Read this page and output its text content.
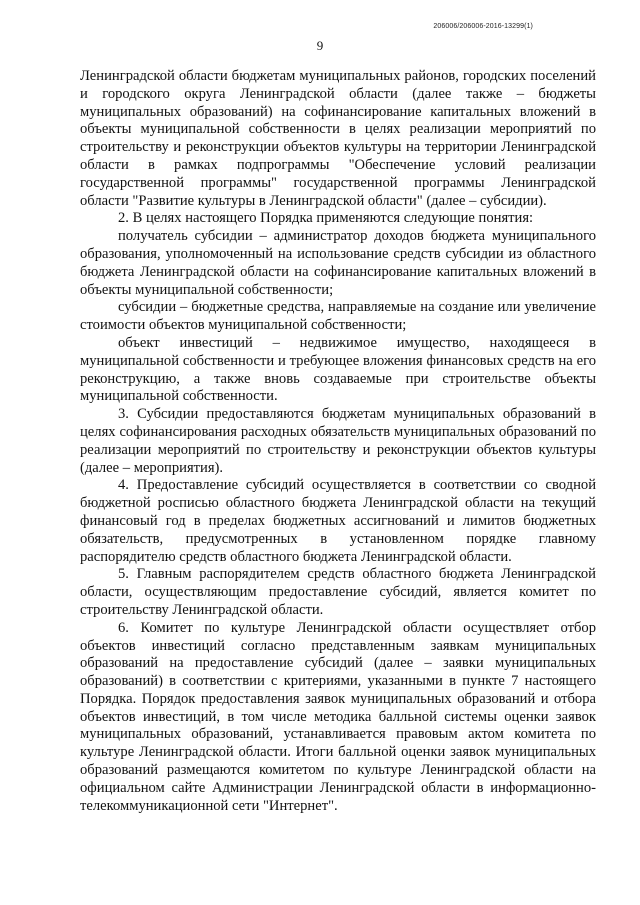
206006/206006-2016-13299(1)
9

Ленинградской области бюджетам муниципальных районов, городских поселений и городского округа Ленинградской области (далее также – бюджеты муниципальных образований) на софинансирование капитальных вложений в объекты муниципальной собственности в целях реализации мероприятий по строительству и реконструкции объектов культуры на территории Ленинградской области в рамках подпрограммы "Обеспечение условий реализации государственной программы" государственной программы Ленинградской области "Развитие культуры в Ленинградской области" (далее – субсидии).

2. В целях настоящего Порядка применяются следующие понятия:

получатель субсидии – администратор доходов бюджета муниципального образования, уполномоченный на использование средств субсидии из областного бюджета Ленинградской области на софинансирование капитальных вложений в объекты муниципальной собственности;

субсидии – бюджетные средства, направляемые на создание или увеличение стоимости объектов муниципальной собственности;

объект инвестиций – недвижимое имущество, находящееся в муниципальной собственности и требующее вложения финансовых средств на его реконструкцию, а также вновь создаваемые при строительстве объекты муниципальной собственности.

3. Субсидии предоставляются бюджетам муниципальных образований в целях софинансирования расходных обязательств муниципальных образований по реализации мероприятий по строительству и реконструкции объектов культуры (далее – мероприятия).

4. Предоставление субсидий осуществляется в соответствии со сводной бюджетной росписью областного бюджета Ленинградской области на текущий финансовый год в пределах бюджетных ассигнований и лимитов бюджетных обязательств, предусмотренных в установленном порядке главному распорядителю средств областного бюджета Ленинградской области.

5. Главным распорядителем средств областного бюджета Ленинградской области, осуществляющим предоставление субсидий, является комитет по строительству Ленинградской области.

6. Комитет по культуре Ленинградской области осуществляет отбор объектов инвестиций согласно представленным заявкам муниципальных образований на предоставление субсидий (далее – заявки муниципальных образований) в соответствии с критериями, указанными в пункте 7 настоящего Порядка. Порядок предоставления заявок муниципальных образований и отбора объектов инвестиций, в том числе методика балльной системы оценки заявок муниципальных образований, устанавливается правовым актом комитета по культуре Ленинградской области. Итоги балльной оценки заявок муниципальных образований размещаются комитетом по культуре Ленинградской области на официальном сайте Администрации Ленинградской области в информационно-телекоммуникационной сети "Интернет".
